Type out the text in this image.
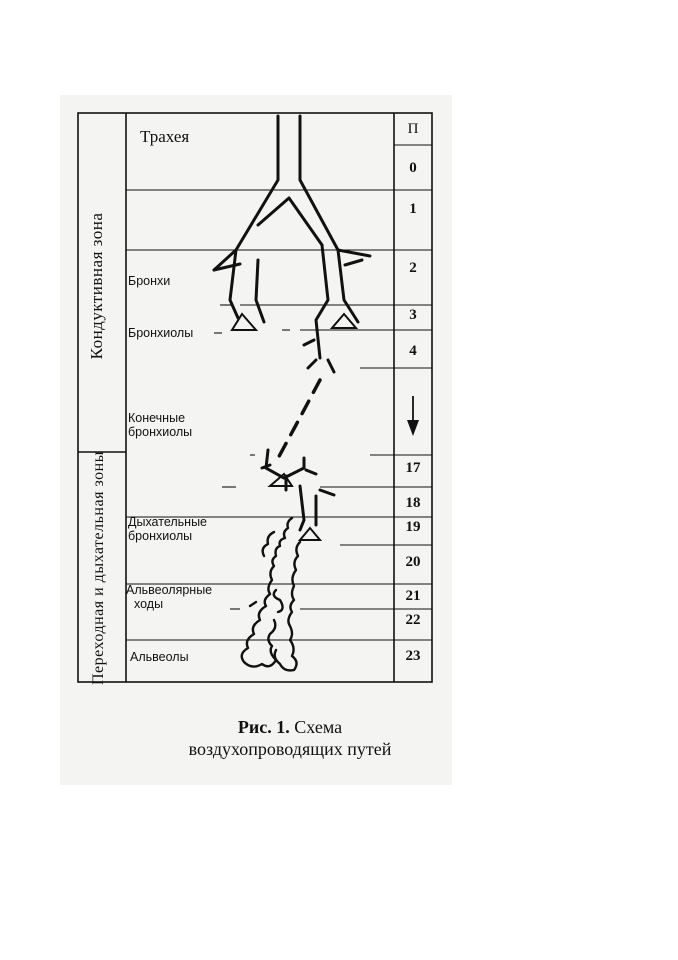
Кондуктивная зона
Переходная и дыхательная зоны
Трахея
Бронхи
Бронхиолы
Конечные
бронхиолы
Дыхательные
бронхиолы
Альвеолярные
ходы
Альвеолы
П
0
1
2
3
4
17
18
19
20
21
22
23
Рис. 1. Схема
воздухопроводящих путей
